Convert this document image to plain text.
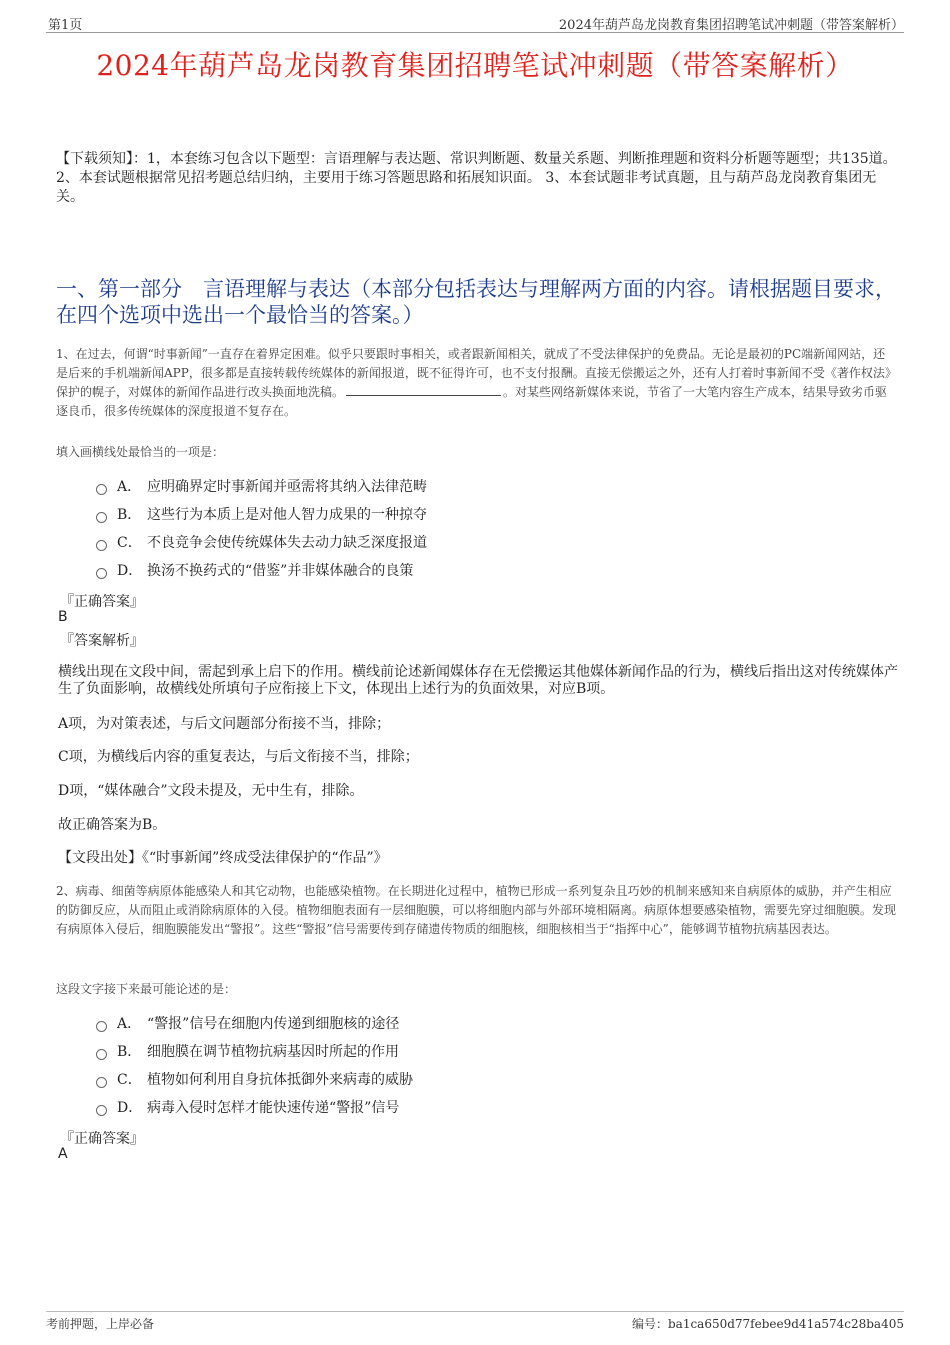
第1页	2024年葫芦岛龙岗教育集团招聘笔试冲刺题（带答案解析）
2024年葫芦岛龙岗教育集团招聘笔试冲刺题（带答案解析）
【下载须知】：1，本套练习包含以下题型：言语理解与表达题、常识判断题、数量关系题、判断推理题和资料分析题等题型；共135道。 2、本套试题根据常见招考题总结归纳，主要用于练习答题思路和拓展知识面。 3、本套试题非考试真题，且与葫芦岛龙岗教育集团无关。
一、第一部分　言语理解与表达（本部分包括表达与理解两方面的内容。请根据题目要求，在四个选项中选出一个最恰当的答案。）
1、在过去，何谓“时事新闻”一直存在着界定困难。似乎只要跟时事相关，或者跟新闻相关，就成了不受法律保护的免费品。无论是最初的PC端新闻网站，还是后来的手机端新闻APP，很多都是直接转载传统媒体的新闻报道，既不征得许可，也不支付报酬。直接无偿搬运之外，还有人打着时事新闻不受《著作权法》保护的幌子，对媒体的新闻作品进行改头换面地洗稿。	。对某些网络新媒体来说，节省了一大笔内容生产成本，结果导致劣币驱逐良币，很多传统媒体的深度报道不复存在。
填入画横线处最恰当的一项是：
A． 应明确界定时事新闻并亟需将其纳入法律范畴
B． 这些行为本质上是对他人智力成果的一种掠夺
C． 不良竞争会使传统媒体失去动力缺乏深度报道
D． 换汤不换药式的“借鉴”并非媒体融合的良策
『正确答案』
B
『答案解析』
横线出现在文段中间，需起到承上启下的作用。横线前论述新闻媒体存在无偿搬运其他媒体新闻作品的行为，横线后指出这对传统媒体产生了负面影响，故横线处所填句子应衔接上下文，体现出上述行为的负面效果，对应B项。
A项，为对策表述，与后文问题部分衔接不当，排除；
C项，为横线后内容的重复表达，与后文衔接不当，排除；
D项，“媒体融合”文段未提及，无中生有，排除。
故正确答案为B。
【文段出处】《“时事新闻”终成受法律保护的“作品”》
2、病毒、细菌等病原体能感染人和其它动物，也能感染植物。在长期进化过程中，植物已形成一系列复杂且巧妙的机制来感知来自病原体的威胁，并产生相应的防御反应，从而阻止或消除病原体的入侵。植物细胞表面有一层细胞膜，可以将细胞内部与外部环境相隔离。病原体想要感染植物，需要先穿过细胞膜。发现有病原体入侵后，细胞膜能发出“警报”。这些“警报”信号需要传到存储遗传物质的细胞核，细胞核相当于“指挥中心”，能够调节植物抗病基因表达。
这段文字接下来最可能论述的是：
A． “警报”信号在细胞内传递到细胞核的途径
B． 细胞膜在调节植物抗病基因时所起的作用
C． 植物如何利用自身抗体抵御外来病毒的威胁
D． 病毒入侵时怎样才能快速传递“警报”信号
『正确答案』
A
考前押题，上岸必备	编号：ba1ca650d77febee9d41a574c28ba405
